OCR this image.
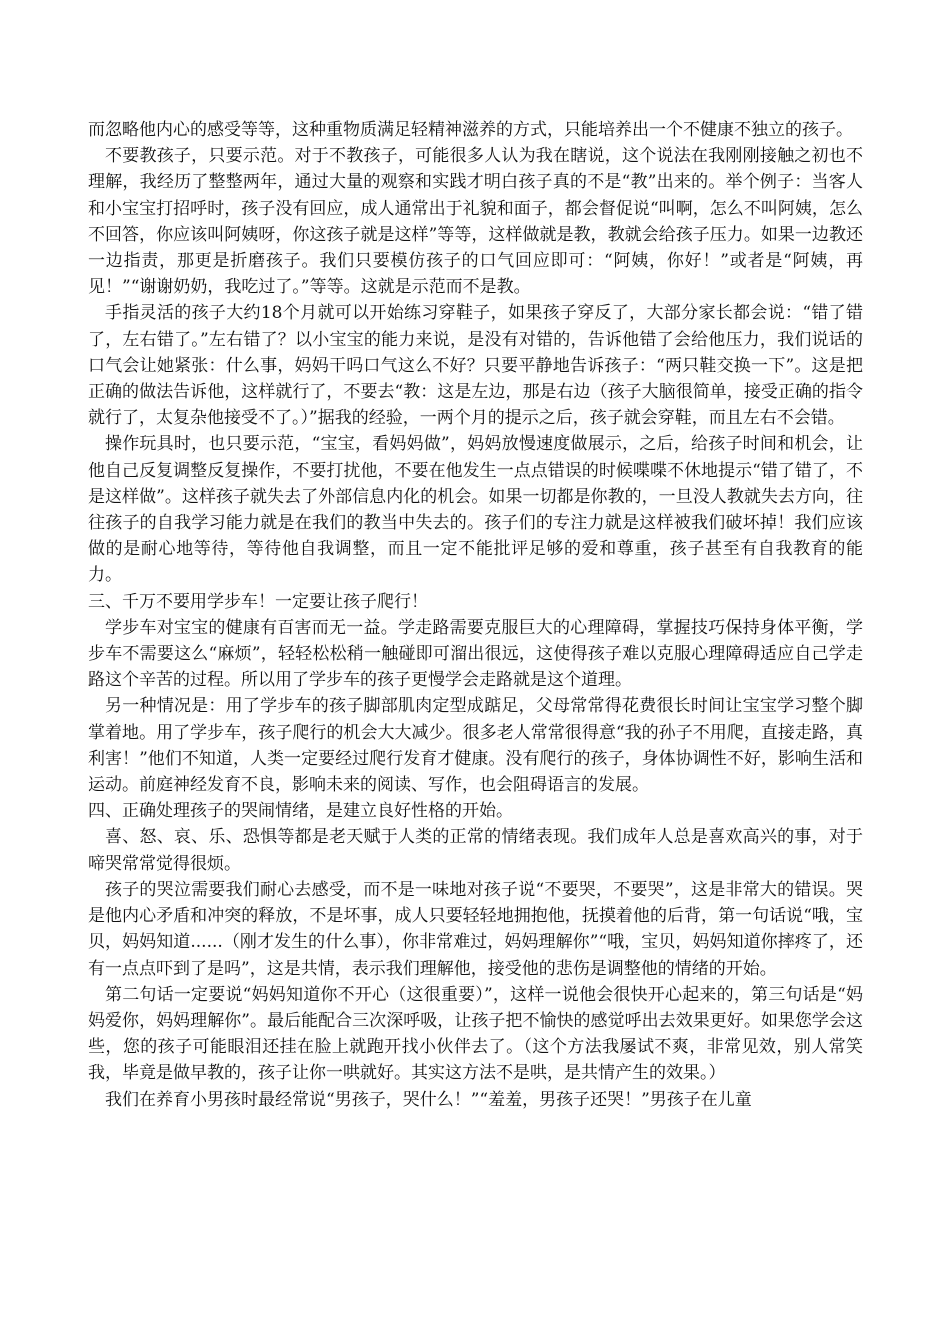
而忽略他内心的感受等等，这种重物质满足轻精神滋养的方式，只能培养出一个不健康不独立的孩子。

不要教孩子，只要示范。对于不教孩子，可能很多人认为我在瞎说，这个说法在我刚刚接触之初也不理解，我经历了整整两年，通过大量的观察和实践才明白孩子真的不是“教”出来的。举个例子：当客人和小宝宝打招呼时，孩子没有回应，成人通常出于礼貌和面子，都会督促说“叫啊，怎么不叫阿姨，怎么不回答，你应该叫阿姨呀，你这孩子就是这样”等等，这样做就是教，教就会给孩子压力。如果一边教还一边指责，那更是折磨孩子。我们只要模仿孩子的口气回应即可：“阿姨，你好！”或者是“阿姨，再见！”“谢谢奶奶，我吃过了。”等等。这就是示范而不是教。

手指灵活的孩子大约18个月就可以开始练习穿鞋子，如果孩子穿反了，大部分家长都会说：“错了错了，左右错了。”左右错了？以小宝宝的能力来说，是没有对错的，告诉他错了会给他压力，我们说话的口气会让她紧张：什么事，妈妈干吗口气这么不好？只要平静地告诉孩子：“两只鞋交换一下”。这是把正确的做法告诉他，这样就行了，不要去“教：这是左边，那是右边（孩子大脑很简单，接受正确的指令就行了，太复杂他接受不了。）”据我的经验，一两个月的提示之后，孩子就会穿鞋，而且左右不会错。

操作玩具时，也只要示范，“宝宝，看妈妈做”，妈妈放慢速度做展示，之后，给孩子时间和机会，让他自己反复调整反复操作，不要打扰他，不要在他发生一点点错误的时候喋喋不休地提示“错了错了，不是这样做”。这样孩子就失去了外部信息内化的机会。如果一切都是你教的，一旦没人教就失去方向，往往孩子的自我学习能力就是在我们的教当中失去的。孩子们的专注力就是这样被我们破坏掉！我们应该做的是耐心地等待，等待他自我调整，而且一定不能批评足够的爱和尊重，孩子甚至有自我教育的能力。

三、千万不要用学步车！一定要让孩子爬行！

学步车对宝宝的健康有百害而无一益。学走路需要克服巨大的心理障碍，掌握技巧保持身体平衡，学步车不需要这么“麻烦”，轻轻松松稍一触碰即可溜出很远，这使得孩子难以克服心理障碍适应自己学走路这个辛苦的过程。所以用了学步车的孩子更慢学会走路就是这个道理。

另一种情况是：用了学步车的孩子脚部肌肉定型成踮足，父母常常得花费很长时间让宝宝学习整个脚掌着地。用了学步车，孩子爬行的机会大大减少。很多老人常常很得意“我的孙子不用爬，直接走路，真利害！”他们不知道，人类一定要经过爬行发育才健康。没有爬行的孩子，身体协调性不好，影响生活和运动。前庭神经发育不良，影响未来的阅读、写作，也会阻碍语言的发展。

四、正确处理孩子的哭闹情绪，是建立良好性格的开始。

喜、怒、哀、乐、恐惧等都是老天赋于人类的正常的情绪表现。我们成年人总是喜欢高兴的事，对于啼哭常常觉得很烦。

孩子的哭泣需要我们耐心去感受，而不是一味地对孩子说“不要哭，不要哭”，这是非常大的错误。哭是他内心矛盾和冲突的释放，不是坏事，成人只要轻轻地拥抱他，抚摸着他的后背，第一句话说“哦，宝贝，妈妈知道......（刚才发生的什么事），你非常难过，妈妈理解你”“哦，宝贝，妈妈知道你摔疼了，还有一点点吓到了是吗”，这是共情，表示我们理解他，接受他的悲伤是调整他的情绪的开始。

第二句话一定要说“妈妈知道你不开心（这很重要）”，这样一说他会很快开心起来的，第三句话是“妈妈爱你，妈妈理解你”。最后能配合三次深呼吸，让孩子把不愉快的感觉呼出去效果更好。如果您学会这些，您的孩子可能眼泪还挂在脸上就跑开找小伙伴去了。（这个方法我屡试不爽，非常见效，别人常笑我，毕竟是做早教的，孩子让你一哄就好。其实这方法不是哄，是共情产生的效果。）

我们在养育小男孩时最经常说“男孩子，哭什么！”“羞羞，男孩子还哭！”男孩子在儿童
